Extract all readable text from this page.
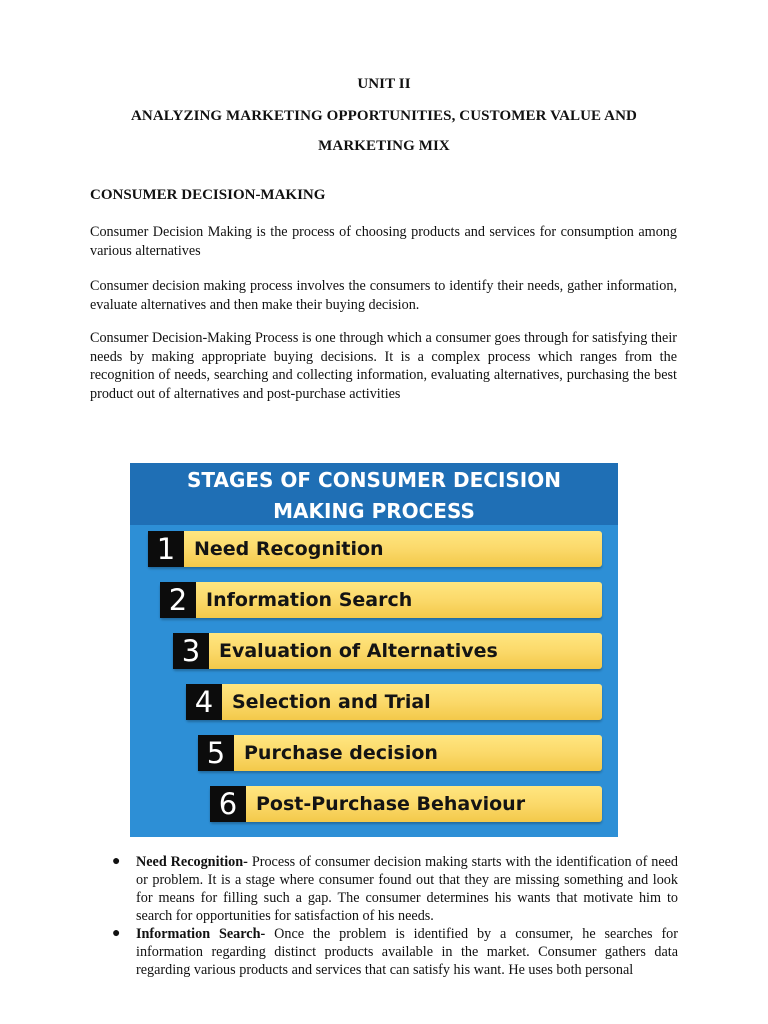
UNIT II
ANALYZING MARKETING OPPORTUNITIES, CUSTOMER VALUE AND
MARKETING MIX
CONSUMER DECISION-MAKING

Consumer Decision Making is the process of choosing products and services for consumption among various alternatives

Consumer decision making process involves the consumers to identify their needs, gather information, evaluate alternatives and then make their buying decision.

Consumer Decision-Making Process is one through which a consumer goes through for satisfying their needs by making appropriate buying decisions. It is a complex process which ranges from the recognition of needs, searching and collecting information, evaluating alternatives, purchasing the best product out of alternatives and post-purchase activities

STAGES OF CONSUMER DECISION
MAKING PROCESS
1 Need Recognition
2 Information Search
3 Evaluation of Alternatives
4 Selection and Trial
5 Purchase decision
6 Post-Purchase Behaviour
● Need Recognition- Process of consumer decision making starts with the identification of need or problem. It is a stage where consumer found out that they are missing something and look for means for filling such a gap. The consumer determines his wants that motivate him to search for opportunities for satisfaction of his needs.
● Information Search- Once the problem is identified by a consumer, he searches for information regarding distinct products available in the market. Consumer gathers data regarding various products and services that can satisfy his want. He uses both personal
